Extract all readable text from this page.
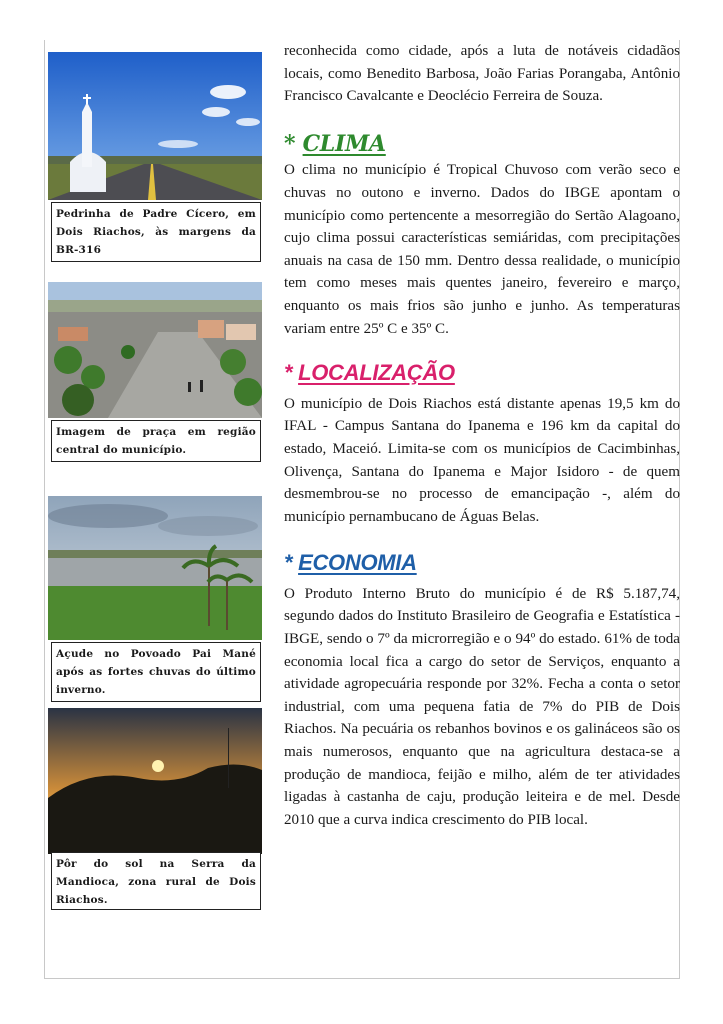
Pedrinha de Padre Cícero, em Dois Riachos, às margens da BR-316
Imagem de praça em região central do município.
Açude no Povoado Pai Mané após as fortes chuvas do último inverno.
Pôr do sol na Serra da Mandioca, zona rural de Dois Riachos.

reconhecida como cidade, após a luta de notáveis cidadãos locais, como Benedito Barbosa, João Farias Porangaba, Antônio Francisco Cavalcante e Deoclécio Ferreira de Souza.

* CLIMA

O clima no município é Tropical Chuvoso com verão seco e chuvas no outono e inverno. Dados do IBGE apontam o município como pertencente a mesorregião do Sertão Alagoano, cujo clima possui características semiáridas, com precipitações anuais na casa de 150 mm. Dentro dessa realidade, o município tem como meses mais quentes janeiro, fevereiro e março, enquanto os mais frios são junho e junho. As temperaturas variam entre 25º C e 35º C.

* LOCALIZAÇÃO

O município de Dois Riachos está distante apenas 19,5 km do IFAL - Campus Santana do Ipanema e 196 km da capital do estado, Maceió. Limita-se com os municípios de Cacimbinhas, Olivença, Santana do Ipanema e Major Isidoro - de quem desmembrou-se no processo de emancipação -, além do município pernambucano de Águas Belas.

* ECONOMIA

O Produto Interno Bruto do município é de R$ 5.187,74, segundo dados do Instituto Brasileiro de Geografia e Estatística - IBGE, sendo o 7º da microrregião e o 94º do estado. 61% de toda economia local fica a cargo do setor de Serviços, enquanto a atividade agropecuária responde por 32%. Fecha a conta o setor industrial, com uma pequena fatia de 7% do PIB de Dois Riachos. Na pecuária os rebanhos bovinos e os galináceos são os mais numerosos, enquanto que na agricultura destaca-se a produção de mandioca, feijão e milho, além de ter atividades ligadas à castanha de caju, produção leiteira e de mel. Desde 2010 que a curva indica crescimento do PIB local.
